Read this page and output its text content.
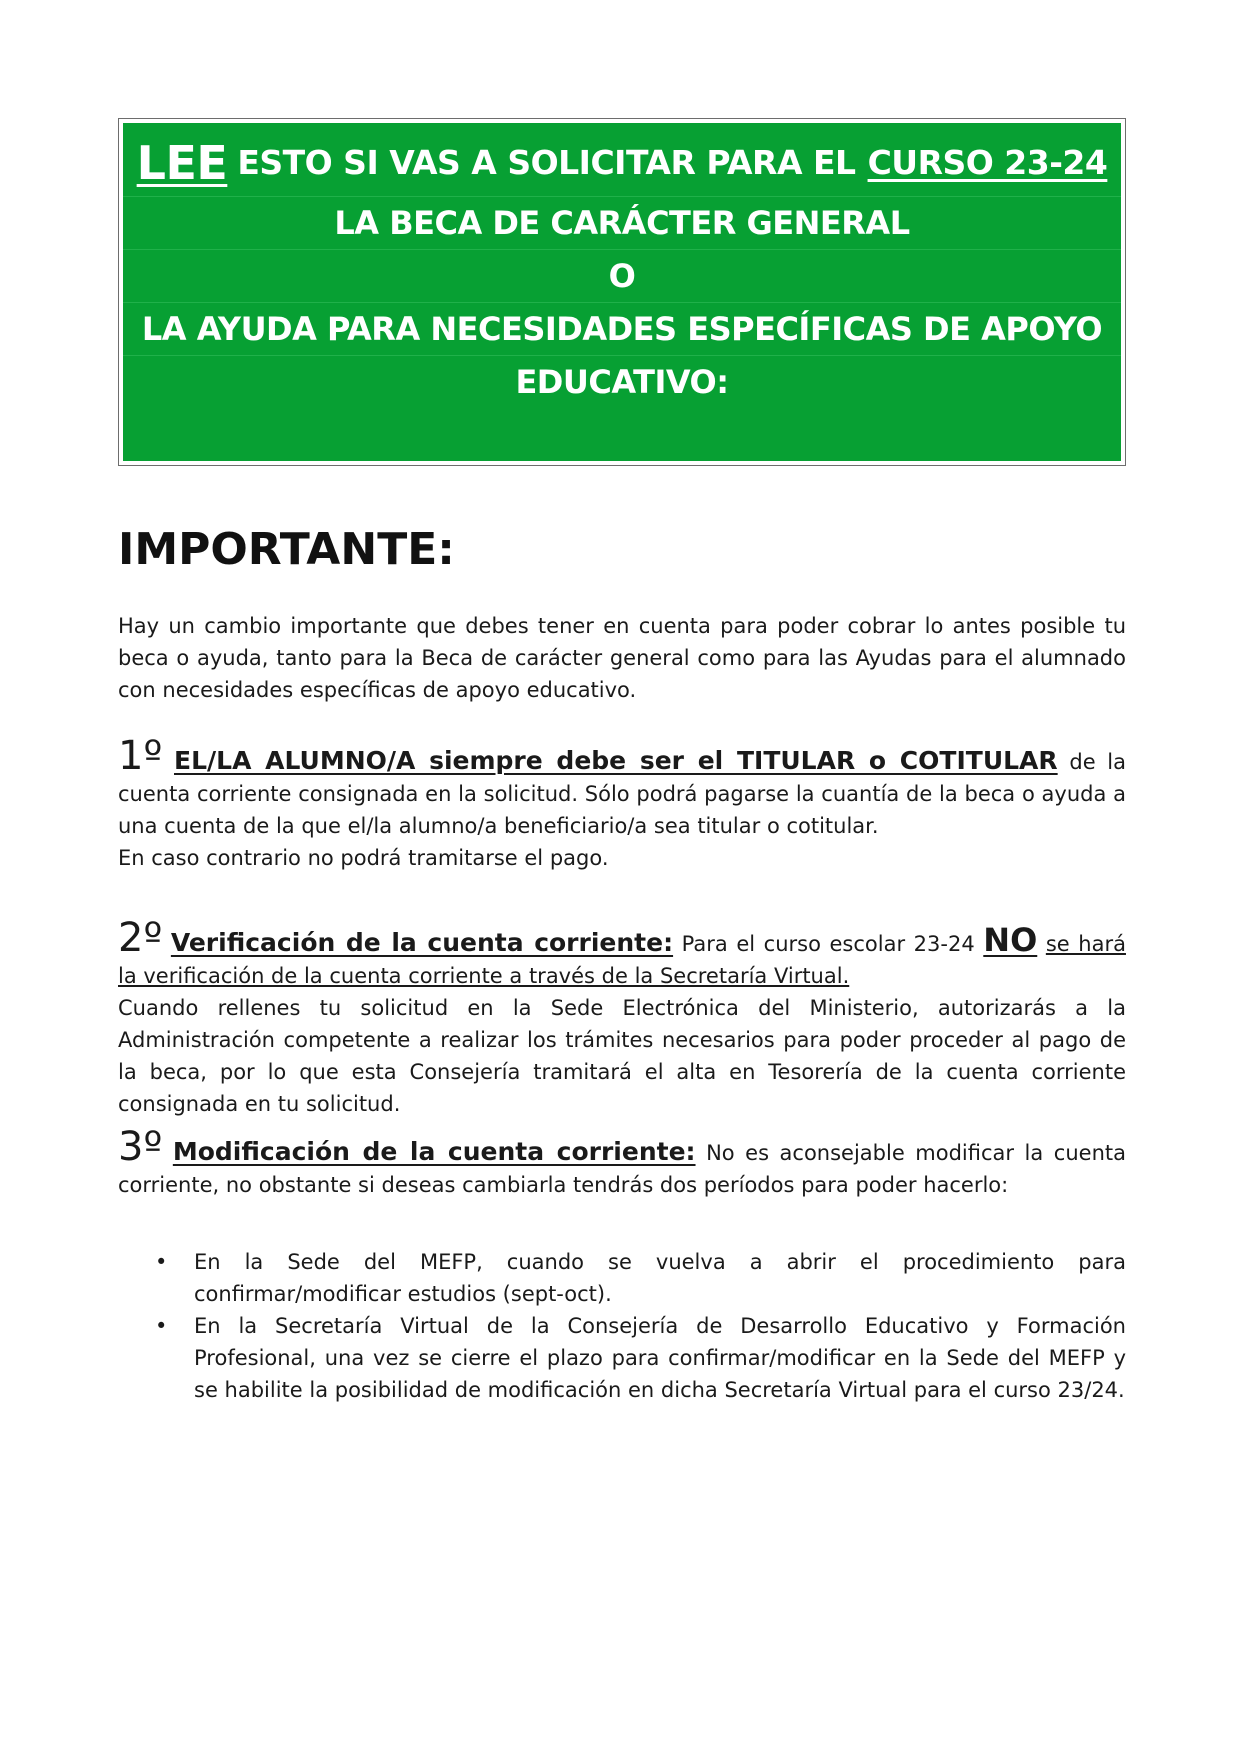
LEE ESTO SI VAS A SOLICITAR PARA EL CURSO 23-24
LA BECA DE CARÁCTER GENERAL
O
LA AYUDA PARA NECESIDADES ESPECÍFICAS DE APOYO
EDUCATIVO:
IMPORTANTE:

Hay un cambio importante que debes tener en cuenta para poder cobrar lo antes posible tu beca o ayuda, tanto para la Beca de carácter general como para las Ayudas para el alumnado con necesidades específicas de apoyo educativo.

1º EL/LA ALUMNO/A siempre debe ser el TITULAR o COTITULAR de la cuenta corriente consignada en la solicitud. Sólo podrá pagarse la cuantía de la beca o ayuda a una cuenta de la que el/la alumno/a beneficiario/a sea titular o cotitular.
En caso contrario no podrá tramitarse el pago.

2º Verificación de la cuenta corriente: Para el curso escolar 23-24 NO se hará la verificación de la cuenta corriente a través de la Secretaría Virtual.
Cuando rellenes tu solicitud en la Sede Electrónica del Ministerio, autorizarás a la Administración competente a realizar los trámites necesarios para poder proceder al pago de la beca, por lo que esta Consejería tramitará el alta en Tesorería de la cuenta corriente consignada en tu solicitud.

3º Modificación de la cuenta corriente: No es aconsejable modificar la cuenta corriente, no obstante si deseas cambiarla tendrás dos períodos para poder hacerlo:

• En la Sede del MEFP, cuando se vuelva a abrir el procedimiento para confirmar/modificar estudios (sept-oct).
• En la Secretaría Virtual de la Consejería de Desarrollo Educativo y Formación Profesional, una vez se cierre el plazo para confirmar/modificar en la Sede del MEFP y se habilite la posibilidad de modificación en dicha Secretaría Virtual para el curso 23/24.
